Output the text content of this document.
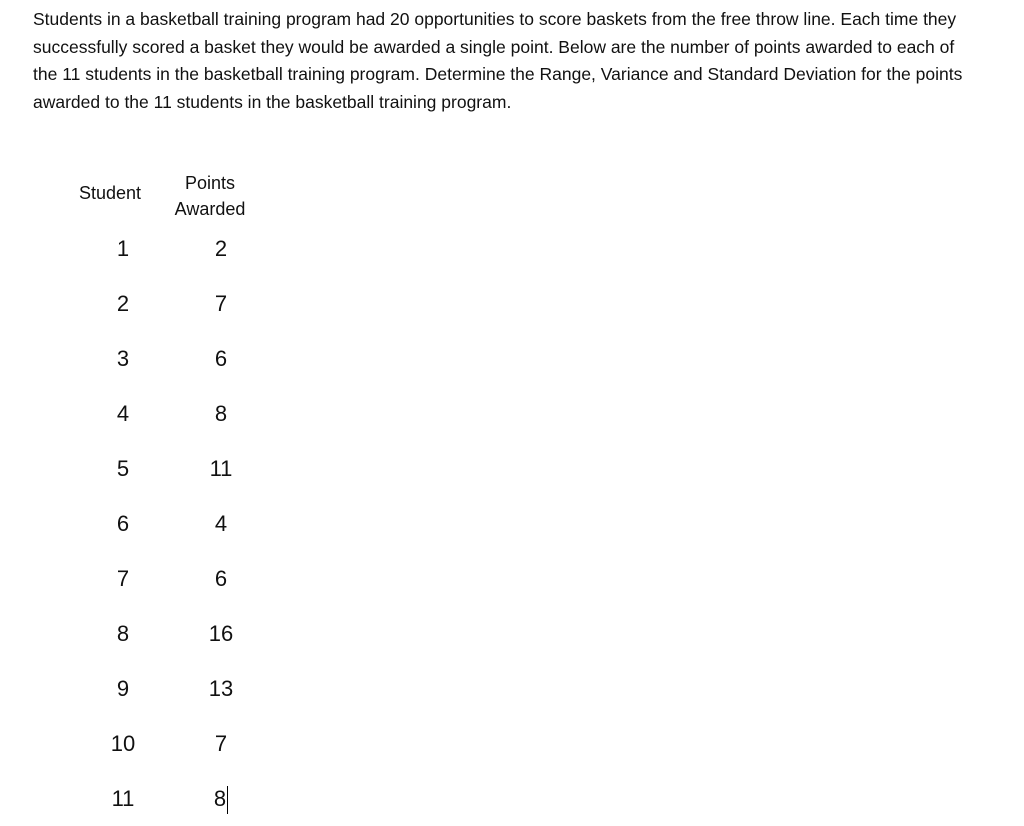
Students in a basketball training program had 20 opportunities to score baskets from the free throw line. Each time they successfully scored a basket they would be awarded a single point. Below are the number of points awarded to each of the 11 students in the basketball training program. Determine the Range, Variance and Standard Deviation for the points awarded to the 11 students in the basketball training program.

Student	Points
Awarded
1	2
2	7
3	6
4	8
5	11
6	4
7	6
8	16
9	13
10	7
11	8
